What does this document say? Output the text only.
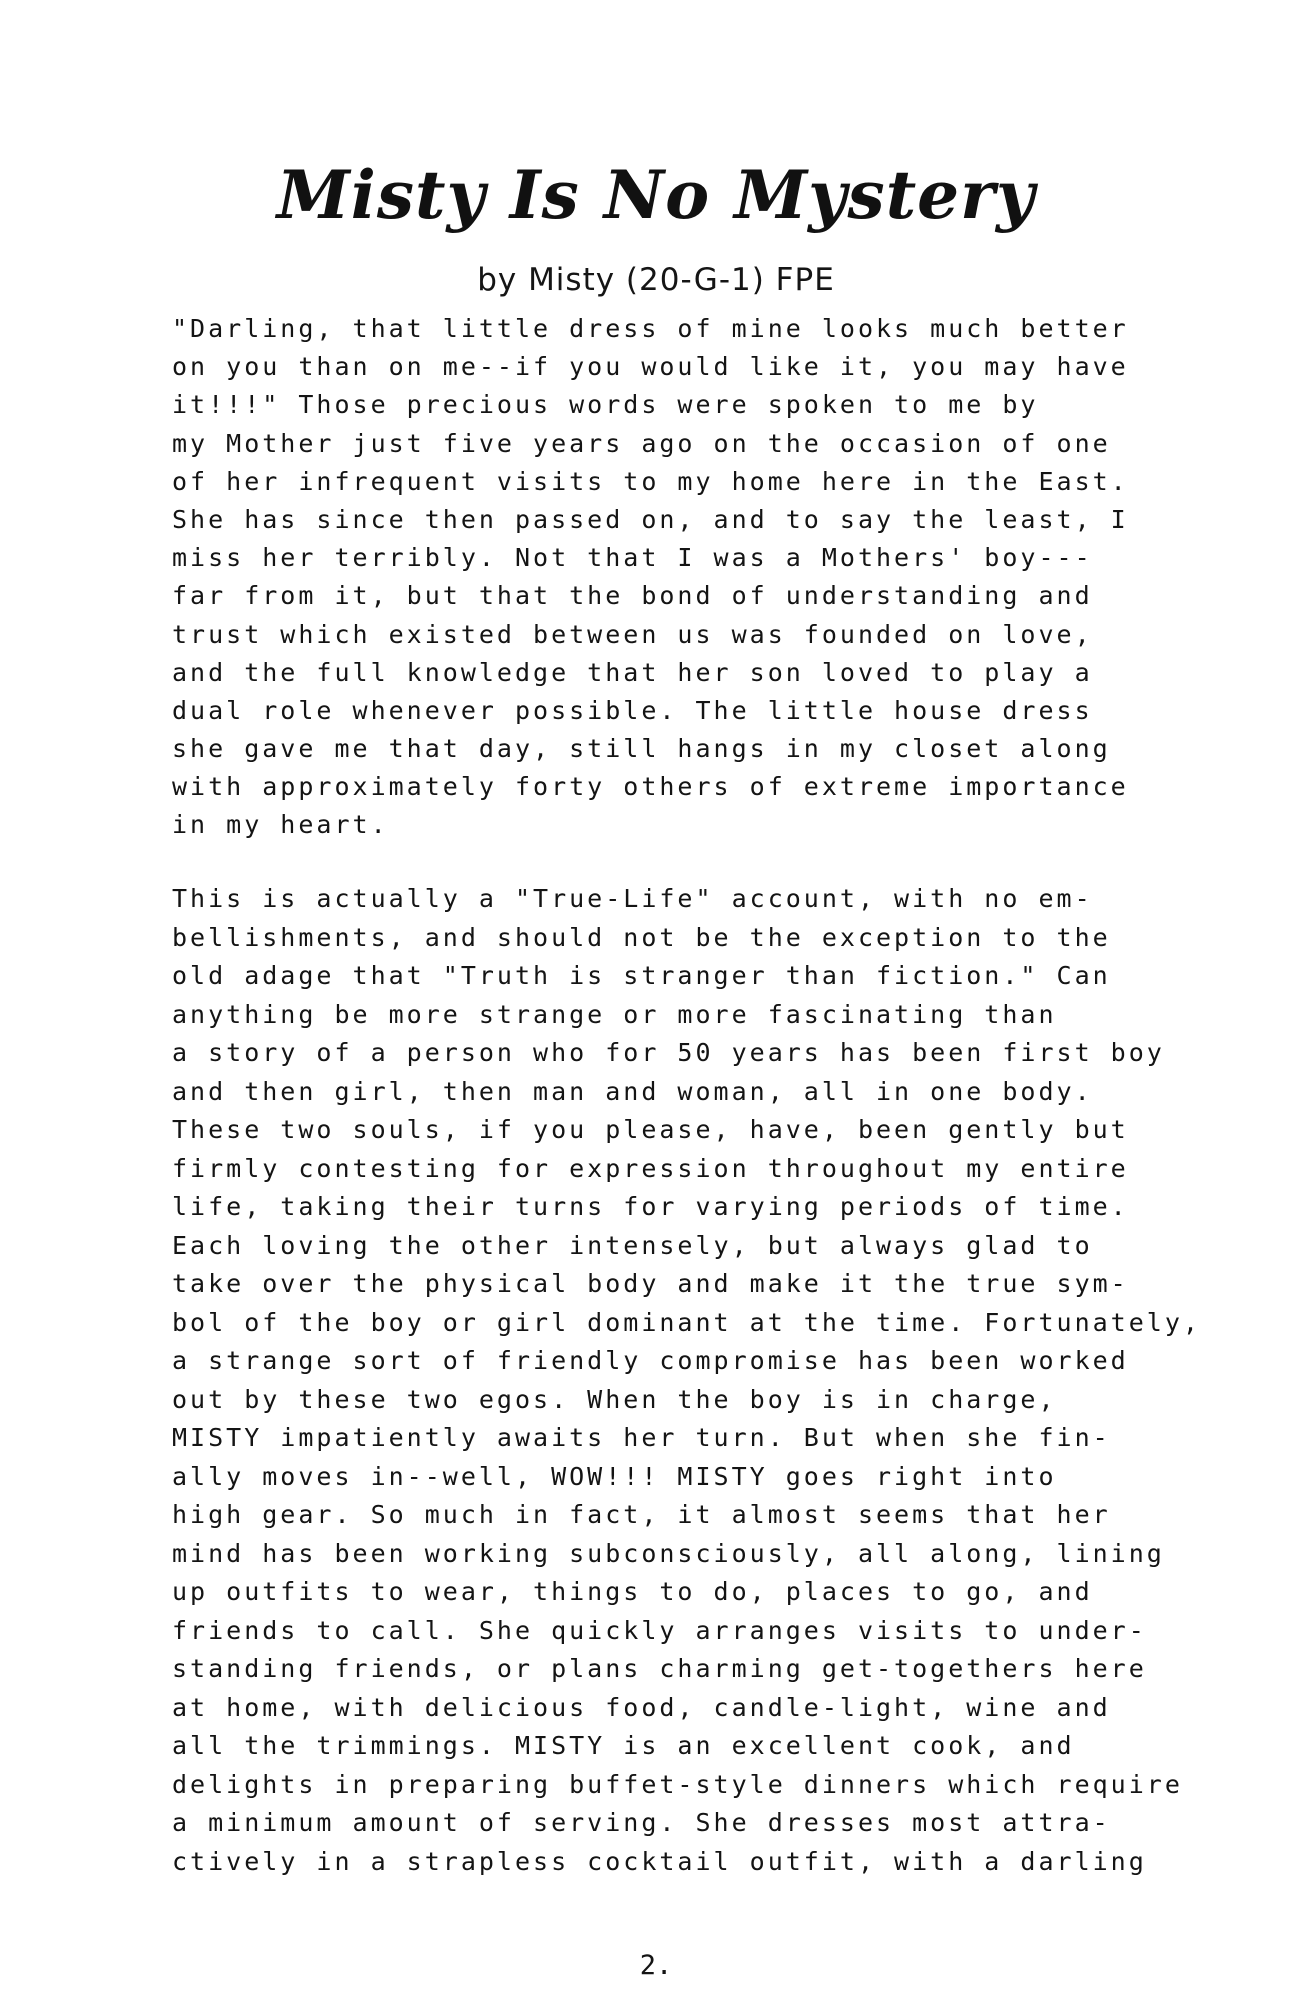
Misty Is No Mystery
by Misty (20-G-1) FPE
"Darling, that little dress of mine looks much better
on you than on me--if you would like it, you may have
it!!!" Those precious words were spoken to me by
my Mother just five years ago on the occasion of one
of her infrequent visits to my home here in the East.
She has since then passed on, and to say the least, I
miss her terribly. Not that I was a Mothers' boy---
far from it, but that the bond of understanding and
trust which existed between us was founded on love,
and the full knowledge that her son loved to play a
dual role whenever possible. The little house dress
she gave me that day, still hangs in my closet along
with approximately forty others of extreme importance
in my heart.
This is actually a "True-Life" account, with no em-
bellishments, and should not be the exception to the
old adage that "Truth is stranger than fiction." Can
anything be more strange or more fascinating than
a story of a person who for 50 years has been first boy
and then girl, then man and woman, all in one body.
These two souls, if you please, have, been gently but
firmly contesting for expression throughout my entire
life, taking their turns for varying periods of time.
Each loving the other intensely, but always glad to
take over the physical body and make it the true sym-
bol of the boy or girl dominant at the time. Fortunately,
a strange sort of friendly compromise has been worked
out by these two egos. When the boy is in charge,
MISTY impatiently awaits her turn. But when she fin-
ally moves in--well, WOW!!! MISTY goes right into
high gear. So much in fact, it almost seems that her
mind has been working subconsciously, all along, lining
up outfits to wear, things to do, places to go, and
friends to call. She quickly arranges visits to under-
standing friends, or plans charming get-togethers here
at home, with delicious food, candle-light, wine and
all the trimmings. MISTY is an excellent cook, and
delights in preparing buffet-style dinners which require
a minimum amount of serving. She dresses most attra-
ctively in a strapless cocktail outfit, with a darling
2.
